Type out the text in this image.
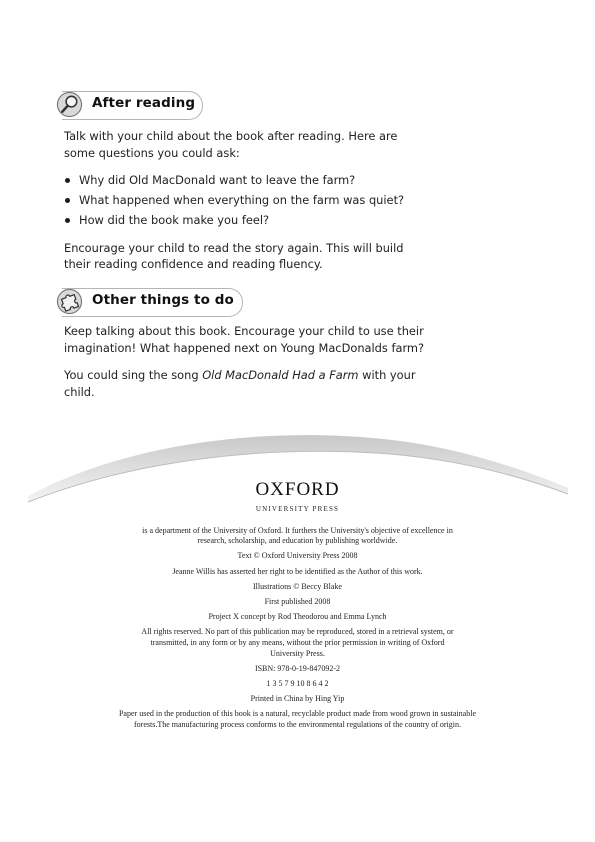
After reading

Talk with your child about the book after reading. Here are some questions you could ask:

Why did Old MacDonald want to leave the farm?
What happened when everything on the farm was quiet?
How did the book make you feel?

Encourage your child to read the story again. This will build their reading confidence and reading fluency.

Other things to do

Keep talking about this book. Encourage your child to use their imagination! What happened next on Young MacDonalds farm?

You could sing the song Old MacDonald Had a Farm with your child.

OXFORD

UNIVERSITY PRESS

is a department of the University of Oxford. It furthers the University's objective of excellence in research, scholarship, and education by publishing worldwide.

Text © Oxford University Press 2008

Jeanne Willis has asserted her right to be identified as the Author of this work.

Illustrations © Beccy Blake

First published 2008

Project X concept by Rod Theodorou and Emma Lynch

All rights reserved. No part of this publication may be reproduced, stored in a retrieval system, or transmitted, in any form or by any means, without the prior permission in writing of Oxford University Press.

ISBN: 978-0-19-847092-2

1 3 5 7 9 10 8 6 4 2

Printed in China by Hing Yip

Paper used in the production of this book is a natural, recyclable product made from wood grown in sustainable forests.The manufacturing process conforms to the environmental regulations of the country of origin.
